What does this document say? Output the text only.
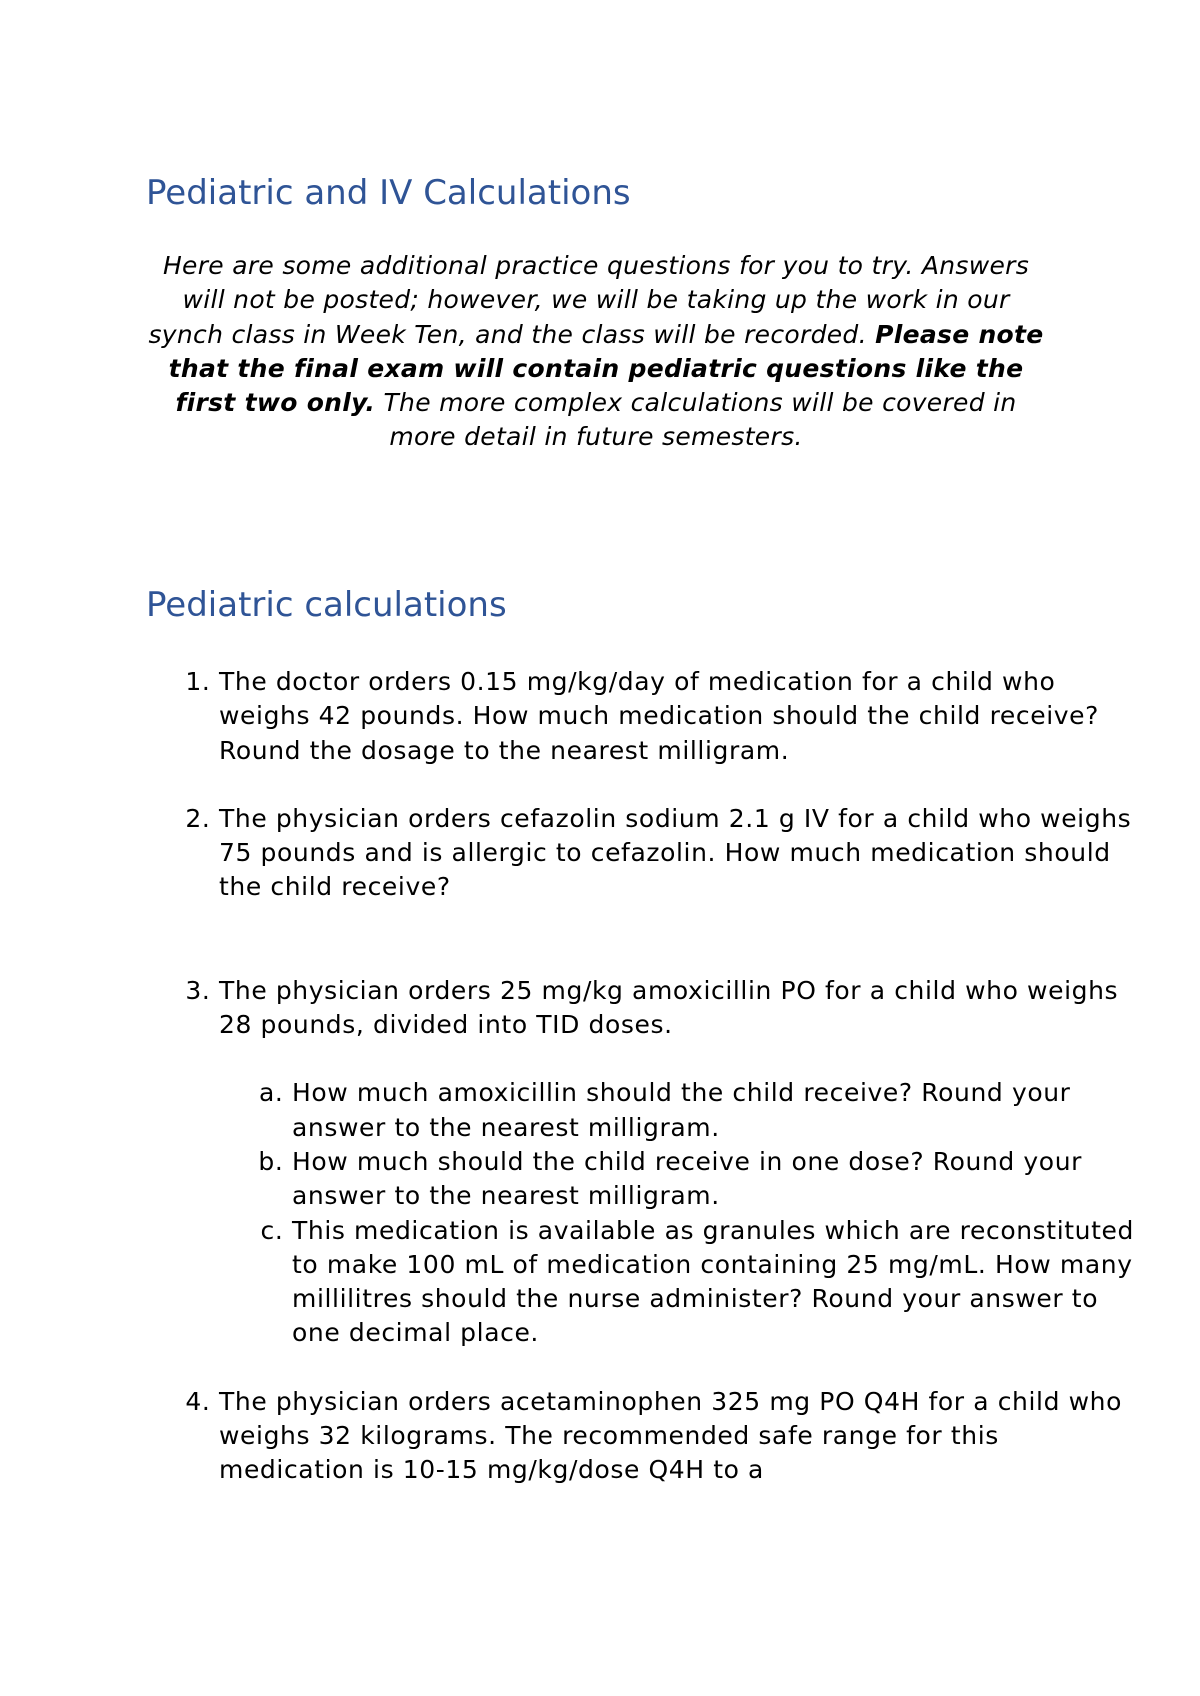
Pediatric and IV Calculations

Here are some additional practice questions for you to try. Answers will not be posted; however, we will be taking up the work in our synch class in Week Ten, and the class will be recorded. Please note that the final exam will contain pediatric questions like the first two only. The more complex calculations will be covered in more detail in future semesters.

Pediatric calculations
1. The doctor orders 0.15 mg/kg/day of medication for a child who weighs 42 pounds. How much medication should the child receive? Round the dosage to the nearest milligram.
2. The physician orders cefazolin sodium 2.1 g IV for a child who weighs 75 pounds and is allergic to cefazolin. How much medication should the child receive?
3. The physician orders 25 mg/kg amoxicillin PO for a child who weighs 28 pounds, divided into TID doses.
a. How much amoxicillin should the child receive? Round your answer to the nearest milligram.
b. How much should the child receive in one dose? Round your answer to the nearest milligram.
c. This medication is available as granules which are reconstituted to make 100 mL of medication containing 25 mg/mL. How many millilitres should the nurse administer? Round your answer to one decimal place.
4. The physician orders acetaminophen 325 mg PO Q4H for a child who weighs 32 kilograms. The recommended safe range for this medication is 10-15 mg/kg/dose Q4H to a
